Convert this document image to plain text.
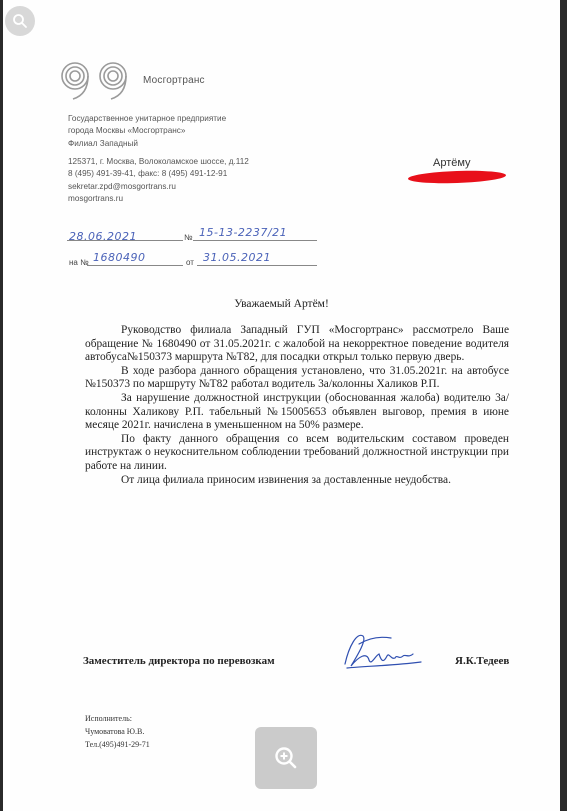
Мосгортранс
Государственное унитарное предприятие
города Москвы «Мосгортранс»
Филиал Западный
125371, г. Москва, Волоколамское шоссе, д.112
8 (495) 491-39-41, факс: 8 (495) 491-12-91
sekretar.zpd@mosgortrans.ru
mosgortrans.ru
Артёму
28.06.2021	№ 15-13-2237/21
на № 1680490	от 31.05.2021
Уважаемый Артём!

Руководство филиала Западный ГУП «Мосгортранс» рассмотрело Ваше обращение № 1680490 от 31.05.2021г. с жалобой на некорректное поведение водителя автобуса№150373 маршрута №Т82, для посадки открыл только первую дверь.

В ходе разбора данного обращения установлено, что 31.05.2021г. на автобусе №150373 по маршруту №Т82 работал водитель 3а/колонны Халиков Р.П.

За нарушение должностной инструкции (обоснованная жалоба) водителю 3а/колонны Халикову Р.П. табельный №15005653 объявлен выговор, премия в июне месяце 2021г. начислена в уменьшенном на 50% размере.

По факту данного обращения со всем водительским составом проведен инструктаж о неукоснительном соблюдении требований должностной инструкции при работе на линии.

От лица филиала приносим извинения за доставленные неудобства.

Заместитель директора по перевозкам	Я.К.Тедеев
Исполнитель:
Чумоватова Ю.В.
Тел.(495)491-29-71
